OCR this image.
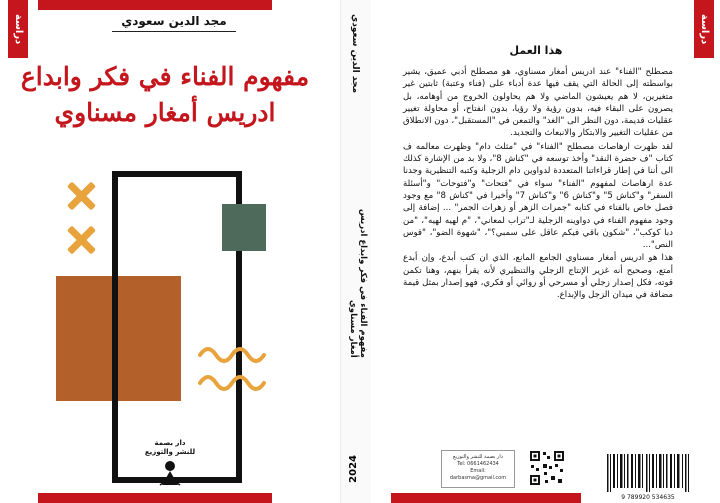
دراسة	مجد الدين سعودي
مفهوم الفناء في فكر وابداع
ادريس أمغار مسناوي
دار بصمة
للنشر والتوزيع
مجد الدين سعودي
مفهوم الفناء في فكر وابداع ادريس أمغار مسناوي
2024
دراسة
هذا العمل

مصطلح "الفناء" عند ادريس أمغار مسناوي، هو مصطلح أدبي عميق، يشير بواسطته إلى الحالة التي يقف فيها عدة أدباء على (فناء وعتبة) ثابتين غير متغيرين، لا هم يعيشون الماضي ولا هم يحاولون الخروج من أوهامه، بل يصرون على البقاء فيه، بدون رؤية ولا رؤيا، بدون انفتاح، أو محاولة تغيير عقليات قديمة، دون النظر الى "الغد" والتمعن في "المستقبل"، دون الانطلاق من عقليات التغيير والابتكار والانبعاث والتجديد.

لقد ظهرت ارهاصات مصطلح "الفناء" في "مثلث دام" وظهرت معالمه ف كتاب "ف حضرة النقد" وأخذ توسعه في "كناش 8"، ولا بد من الإشارة كذلك الى أننا في إطار قراءاتنا المتعددة لدواوين دام الزجلية وكتبه التنظيرية وجدنا عدة ارهاصات لمفهوم "الفناء" سواء في "فتحات" و"فتوحات" و"أسئلة السفر" و"كناش 5" و"كناش 6" و"كناش 7" وأخيرا في "كناش 8" مع وجود فصل خاص بالفناء في كتابه "جمرات الزهر أو زهرات الجمر" ... إضافة إلى وجود مفهوم الفناء في دواوينه الزجلية لـ"تراب لمعاني"، "م لهيه لهيه"، "من دبا كوكب"، "شكون باقي فيكم عاقل على سمبي؟"، "شهوة الضو"، "قوس النص"...

هذا هو ادريس أمغار مسناوي الجامع المانع، الذي ان كتب أبدع، وإن أبدع أمتع، وصحيح أنه غزير الإنتاج الزجلي والتنظيري لأنه يقرأ بنهم، وهنا تكمن قوته، فكل إصدار زجلي أو مسرحي أو روائي أو فكري، فهو إصدار بمثل قيمة مضافة في ميدان الزجل والإبداع.

دار بصمة للنشر والتوزيع
Tel: 0661462434
Email: darbasma@gmail.com
9 789920 534635
